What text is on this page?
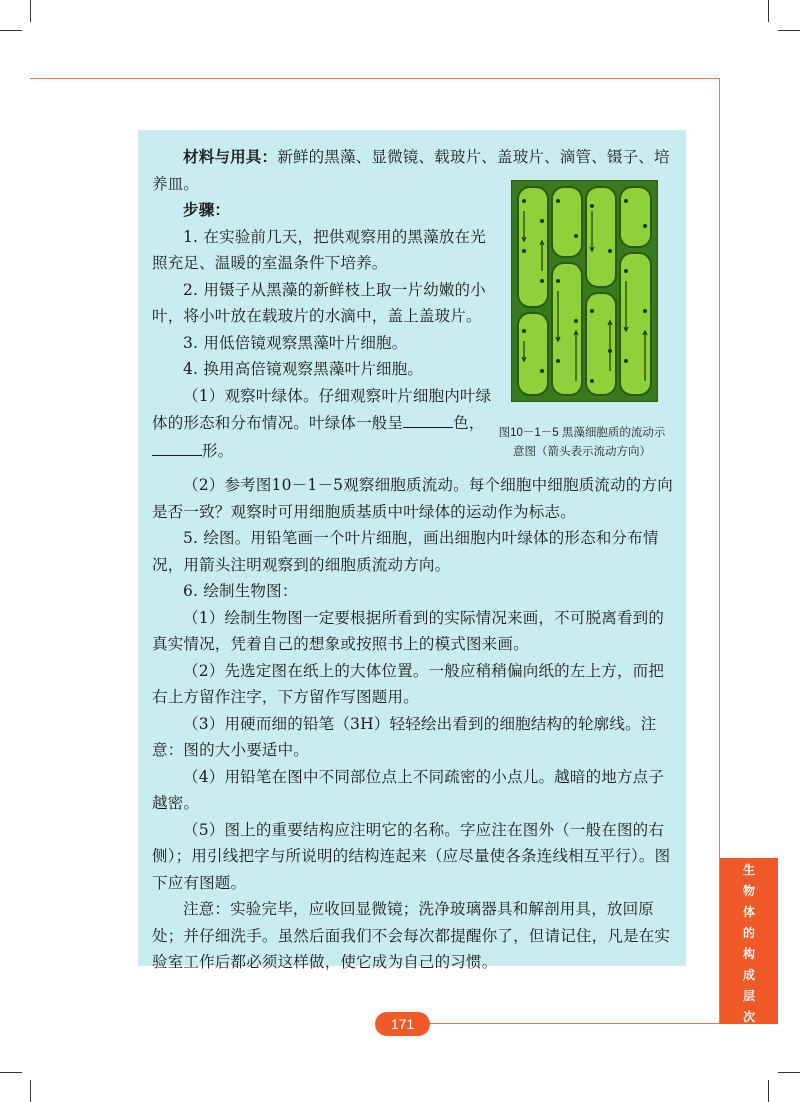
材料与用具：新鲜的黑藻、显微镜、载玻片、盖玻片、滴管、镊子、培养皿。

步骤：

1. 在实验前几天，把供观察用的黑藻放在光照充足、温暖的室温条件下培养。

2. 用镊子从黑藻的新鲜枝上取一片幼嫩的小叶，将小叶放在载玻片的水滴中，盖上盖玻片。

3. 用低倍镜观察黑藻叶片细胞。

4. 换用高倍镜观察黑藻叶片细胞。

（1）观察叶绿体。仔细观察叶片细胞内叶绿体的形态和分布情况。叶绿体一般呈	色，形。

图10－1－5 黑藻细胞质的流动示
意图（箭头表示流动方向）

（2）参考图10－1－5观察细胞质流动。每个细胞中细胞质流动的方向是否一致？观察时可用细胞质基质中叶绿体的运动作为标志。

5. 绘图。用铅笔画一个叶片细胞，画出细胞内叶绿体的形态和分布情况，用箭头注明观察到的细胞质流动方向。

6. 绘制生物图：

（1）绘制生物图一定要根据所看到的实际情况来画，不可脱离看到的真实情况，凭着自己的想象或按照书上的模式图来画。

（2）先选定图在纸上的大体位置。一般应稍稍偏向纸的左上方，而把右上方留作注字，下方留作写图题用。

（3）用硬而细的铅笔（3H）轻轻绘出看到的细胞结构的轮廓线。注意：图的大小要适中。

（4）用铅笔在图中不同部位点上不同疏密的小点儿。越暗的地方点子越密。

（5）图上的重要结构应注明它的名称。字应注在图外（一般在图的右侧）；用引线把字与所说明的结构连起来（应尽量使各条连线相互平行）。图下应有图题。

注意：实验完毕，应收回显微镜；洗净玻璃器具和解剖用具，放回原处；并仔细洗手。虽然后面我们不会每次都提醒你了，但请记住，凡是在实验室工作后都必须这样做，使它成为自己的习惯。

生
物
体
的
构
成
层
次
171
